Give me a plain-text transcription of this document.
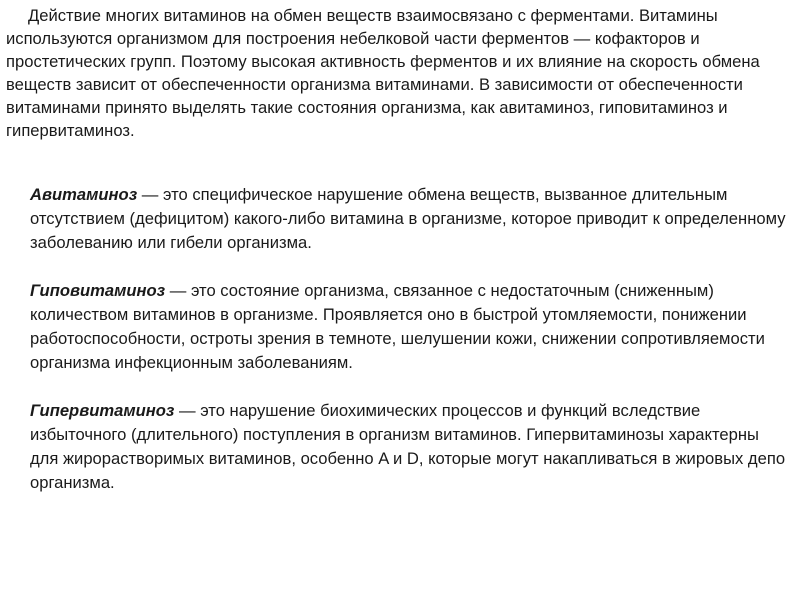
Действие многих витаминов на обмен веществ взаимосвязано с ферментами. Витамины используются организмом для построения небелковой части ферментов — кофакторов и простетических групп. Поэтому высокая активность ферментов и их влияние на скорость обмена веществ зависит от обеспеченности организма витаминами. В зависимости от обеспеченности витаминами принято выделять такие состояния организма, как авитаминоз, гиповитаминоз и гипервитаминоз.

Авитаминоз — это специфическое нарушение обмена веществ, вызванное длительным отсутствием (дефицитом) какого-либо витамина в организме, которое приводит к определенному заболеванию или гибели организма.

Гиповитаминоз — это состояние организма, связанное с недостаточным (сниженным) количеством витаминов в организме. Проявляется оно в быстрой утомляемости, понижении работоспособности, остроты зрения в темноте, шелушении кожи, снижении сопротивляемости организма инфекционным заболеваниям.

Гипервитаминоз — это нарушение биохимических процессов и функций вследствие избыточного (длительного) поступления в организм витаминов. Гипервитаминозы характерны для жирорастворимых витаминов, особенно A и D, которые могут накапливаться в жировых депо организма.
